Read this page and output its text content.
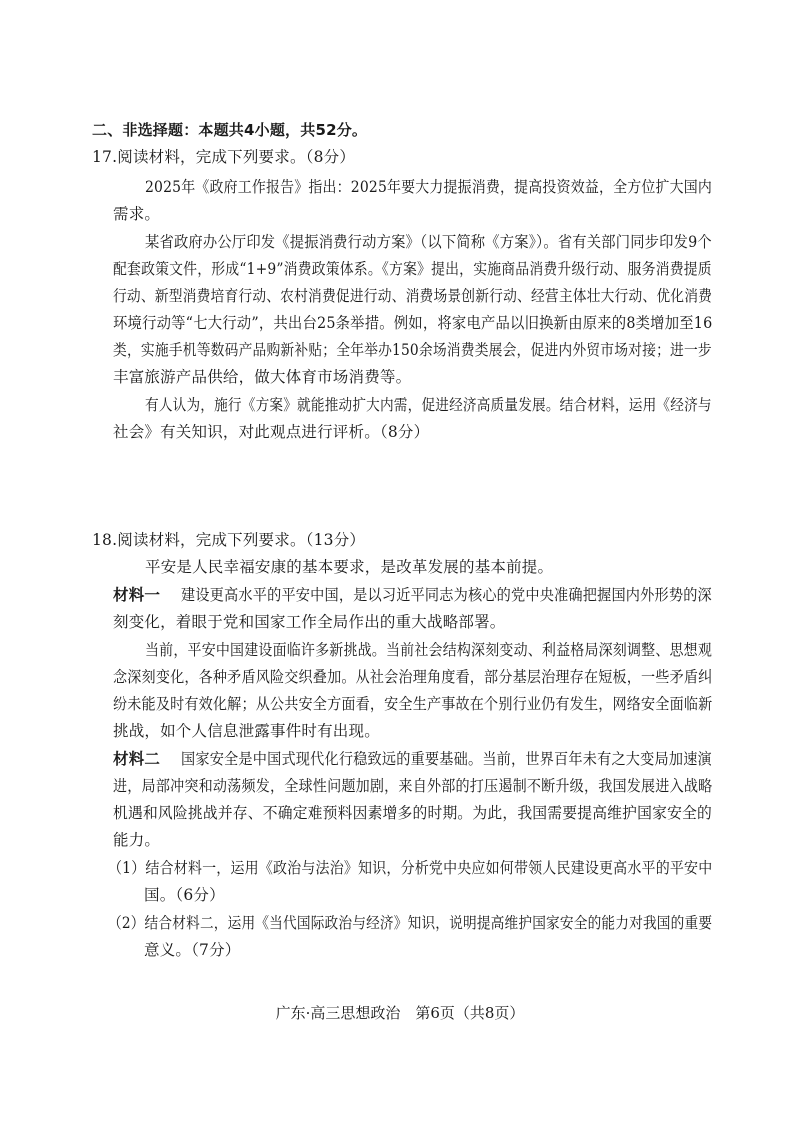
二、非选择题：本题共4小题，共52分。
17.阅读材料，完成下列要求。（8分）
2025年《政府工作报告》指出：2025年要大力提振消费，提高投资效益，全方位扩大国内
需求。
某省政府办公厅印发《提振消费行动方案》（以下简称《方案》）。省有关部门同步印发9个
配套政策文件，形成“1+9”消费政策体系。《方案》提出，实施商品消费升级行动、服务消费提质
行动、新型消费培育行动、农村消费促进行动、消费场景创新行动、经营主体壮大行动、优化消费
环境行动等“七大行动”，共出台25条举措。例如，将家电产品以旧换新由原来的8类增加至16
类，实施手机等数码产品购新补贴；全年举办150余场消费类展会，促进内外贸市场对接；进一步
丰富旅游产品供给，做大体育市场消费等。
有人认为，施行《方案》就能推动扩大内需，促进经济高质量发展。结合材料，运用《经济与
社会》有关知识，对此观点进行评析。（8分）
18.阅读材料，完成下列要求。（13分）
平安是人民幸福安康的基本要求，是改革发展的基本前提。
材料一 建设更高水平的平安中国，是以习近平同志为核心的党中央准确把握国内外形势的深
刻变化，着眼于党和国家工作全局作出的重大战略部署。
当前，平安中国建设面临许多新挑战。当前社会结构深刻变动、利益格局深刻调整、思想观
念深刻变化，各种矛盾风险交织叠加。从社会治理角度看，部分基层治理存在短板，一些矛盾纠
纷未能及时有效化解；从公共安全方面看，安全生产事故在个别行业仍有发生，网络安全面临新
挑战，如个人信息泄露事件时有出现。
材料二 国家安全是中国式现代化行稳致远的重要基础。当前，世界百年未有之大变局加速演
进，局部冲突和动荡频发，全球性问题加剧，来自外部的打压遏制不断升级，我国发展进入战略
机遇和风险挑战并存、不确定难预料因素增多的时期。为此，我国需要提高维护国家安全的
能力。
（1）结合材料一，运用《政治与法治》知识，分析党中央应如何带领人民建设更高水平的平安中
国。（6分）
（2）结合材料二，运用《当代国际政治与经济》知识，说明提高维护国家安全的能力对我国的重要
意义。（7分）
广东·高三思想政治　第6页（共8页）
